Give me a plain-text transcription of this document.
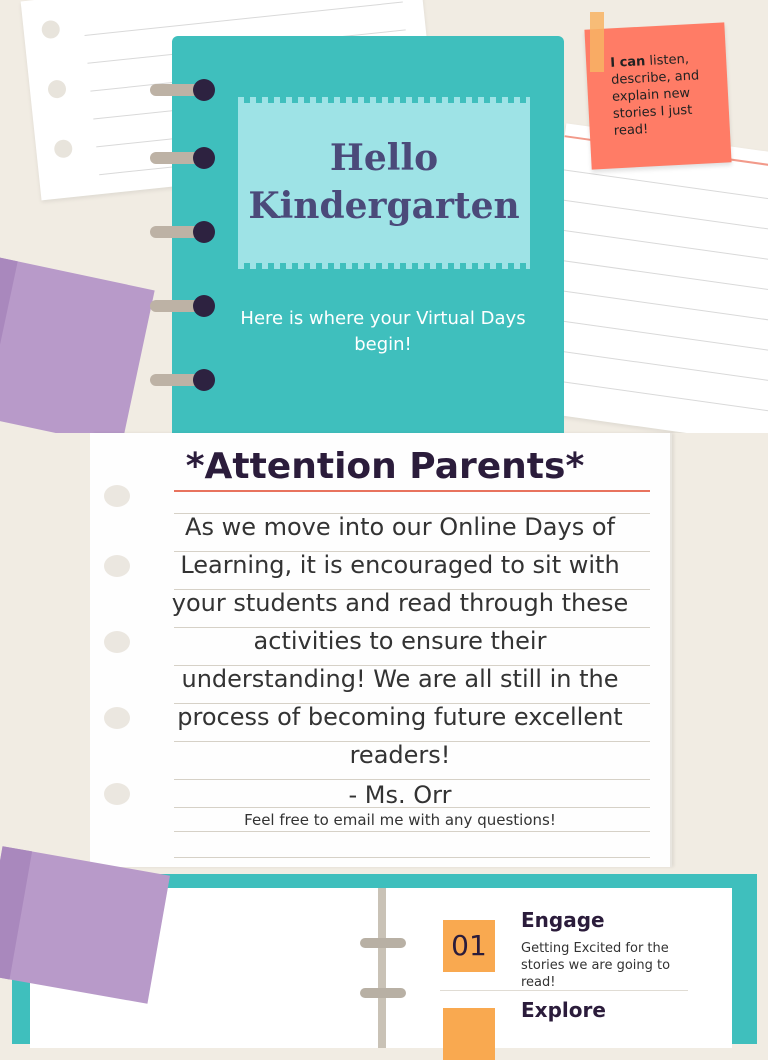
Hello
Kindergarten
Here is where your Virtual Days begin!
I can listen, describe, and explain new stories I just read!
*Attention Parents*
As we move into our Online Days of Learning, it is encouraged to sit with your students and read through these activities to ensure their understanding! We are all still in the process of becoming future excellent readers!
- Ms. Orr
Feel free to email me with any questions!
01
Engage
Getting Excited for the stories we are going to read!
Explore
